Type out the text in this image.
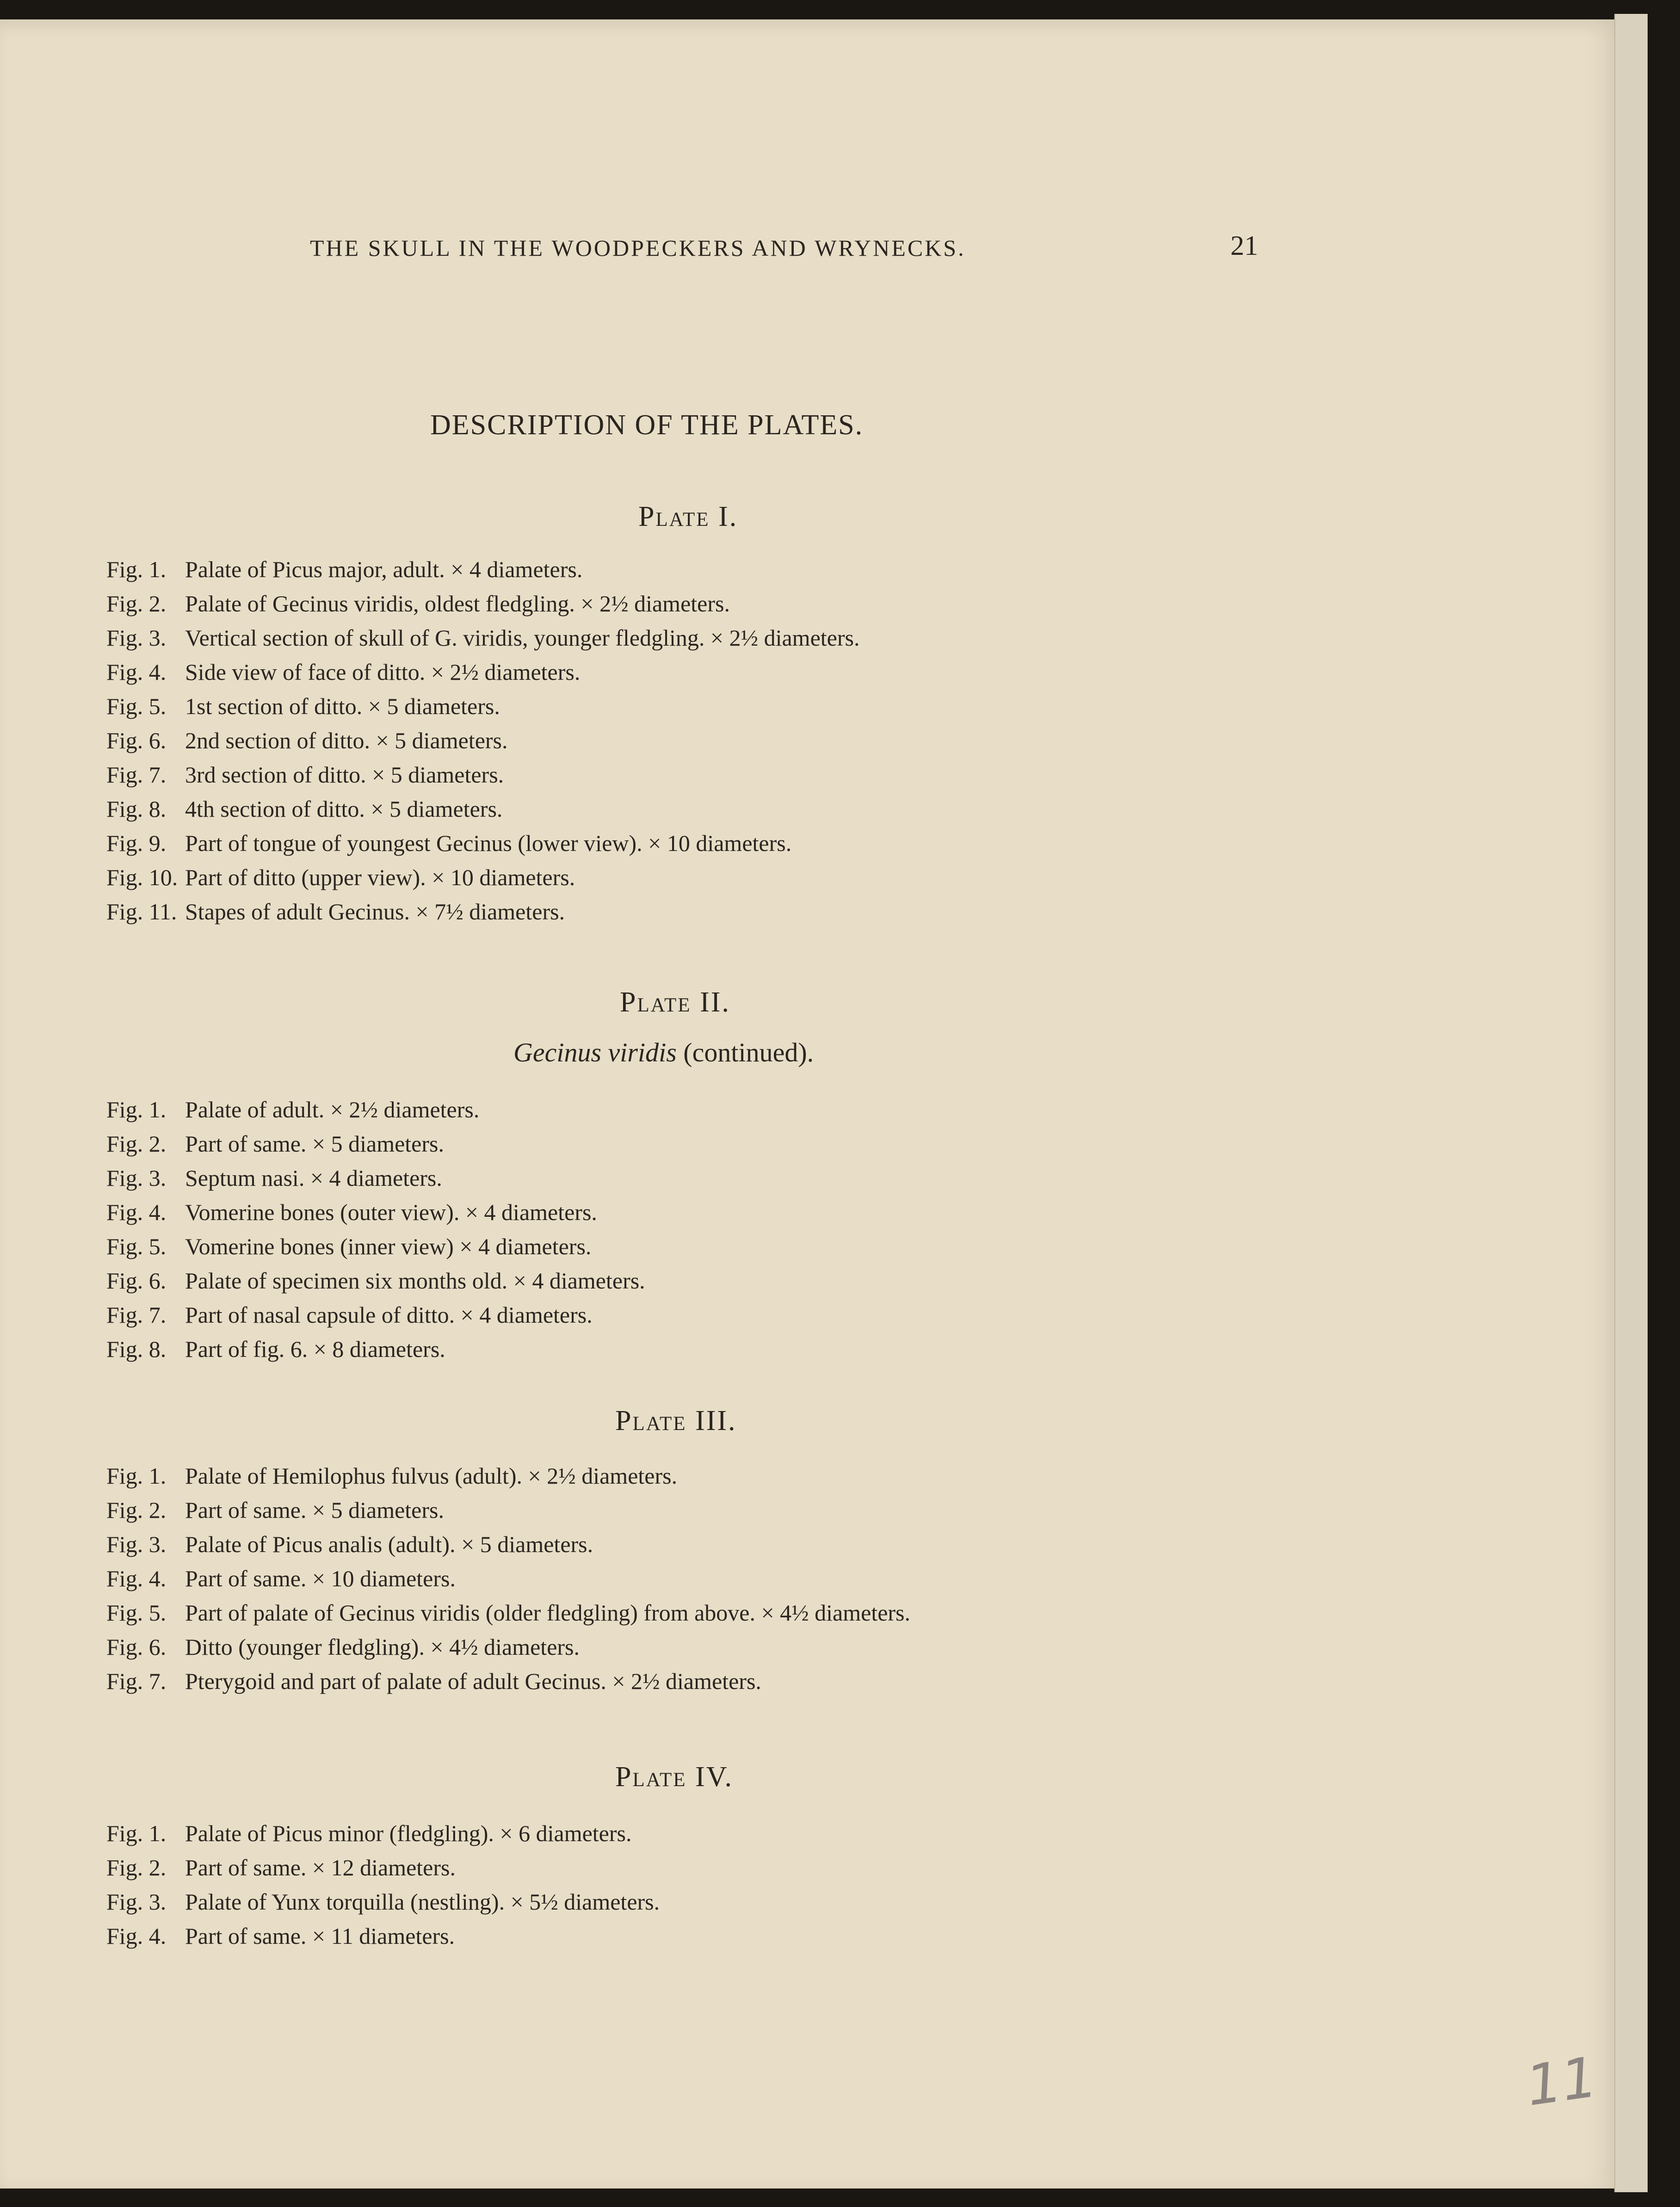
THE SKULL IN THE WOODPECKERS AND WRYNECKS.	21
DESCRIPTION OF THE PLATES.
Plate I.
Fig. 1. Palate of Picus major, adult. × 4 diameters.
Fig. 2. Palate of Gecinus viridis, oldest fledgling. × 2½ diameters.
Fig. 3. Vertical section of skull of G. viridis, younger fledgling. × 2½ diameters.
Fig. 4. Side view of face of ditto. × 2½ diameters.
Fig. 5. 1st section of ditto. × 5 diameters.
Fig. 6. 2nd section of ditto. × 5 diameters.
Fig. 7. 3rd section of ditto. × 5 diameters.
Fig. 8. 4th section of ditto. × 5 diameters.
Fig. 9. Part of tongue of youngest Gecinus (lower view). × 10 diameters.
Fig. 10. Part of ditto (upper view). × 10 diameters.
Fig. 11. Stapes of adult Gecinus. × 7½ diameters.
Plate II.
Gecinus viridis (continued).
Fig. 1. Palate of adult. × 2½ diameters.
Fig. 2. Part of same. × 5 diameters.
Fig. 3. Septum nasi. × 4 diameters.
Fig. 4. Vomerine bones (outer view). × 4 diameters.
Fig. 5. Vomerine bones (inner view) × 4 diameters.
Fig. 6. Palate of specimen six months old. × 4 diameters.
Fig. 7. Part of nasal capsule of ditto. × 4 diameters.
Fig. 8. Part of fig. 6. × 8 diameters.
Plate III.
Fig. 1. Palate of Hemilophus fulvus (adult). × 2½ diameters.
Fig. 2. Part of same. × 5 diameters.
Fig. 3. Palate of Picus analis (adult). × 5 diameters.
Fig. 4. Part of same. × 10 diameters.
Fig. 5. Part of palate of Gecinus viridis (older fledgling) from above. × 4½ diameters.
Fig. 6. Ditto (younger fledgling). × 4½ diameters.
Fig. 7. Pterygoid and part of palate of adult Gecinus. × 2½ diameters.
Plate IV.
Fig. 1. Palate of Picus minor (fledgling). × 6 diameters.
Fig. 2. Part of same. × 12 diameters.
Fig. 3. Palate of Yunx torquilla (nestling). × 5½ diameters.
Fig. 4. Part of same. × 11 diameters.
11
